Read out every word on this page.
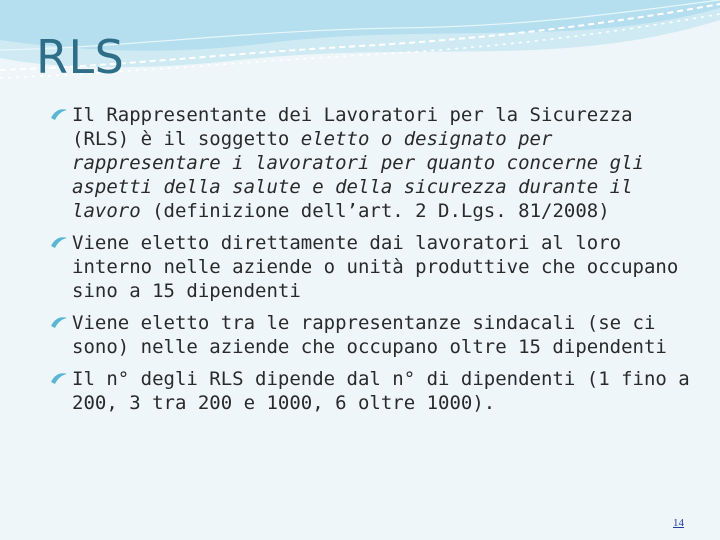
RLS
Il Rappresentante dei Lavoratori per la Sicurezza (RLS) è il soggetto eletto o designato per rappresentare i lavoratori per quanto concerne gli aspetti della salute e della sicurezza durante il lavoro (definizione dell’art. 2 D.Lgs. 81/2008)
Viene eletto direttamente dai lavoratori al loro interno nelle aziende o unità produttive che occupano sino a 15 dipendenti
Viene eletto tra le rappresentanze sindacali (se ci sono) nelle aziende che occupano oltre 15 dipendenti
Il n° degli RLS dipende dal n° di dipendenti (1 fino a 200, 3 tra 200 e 1000, 6 oltre 1000).
14
